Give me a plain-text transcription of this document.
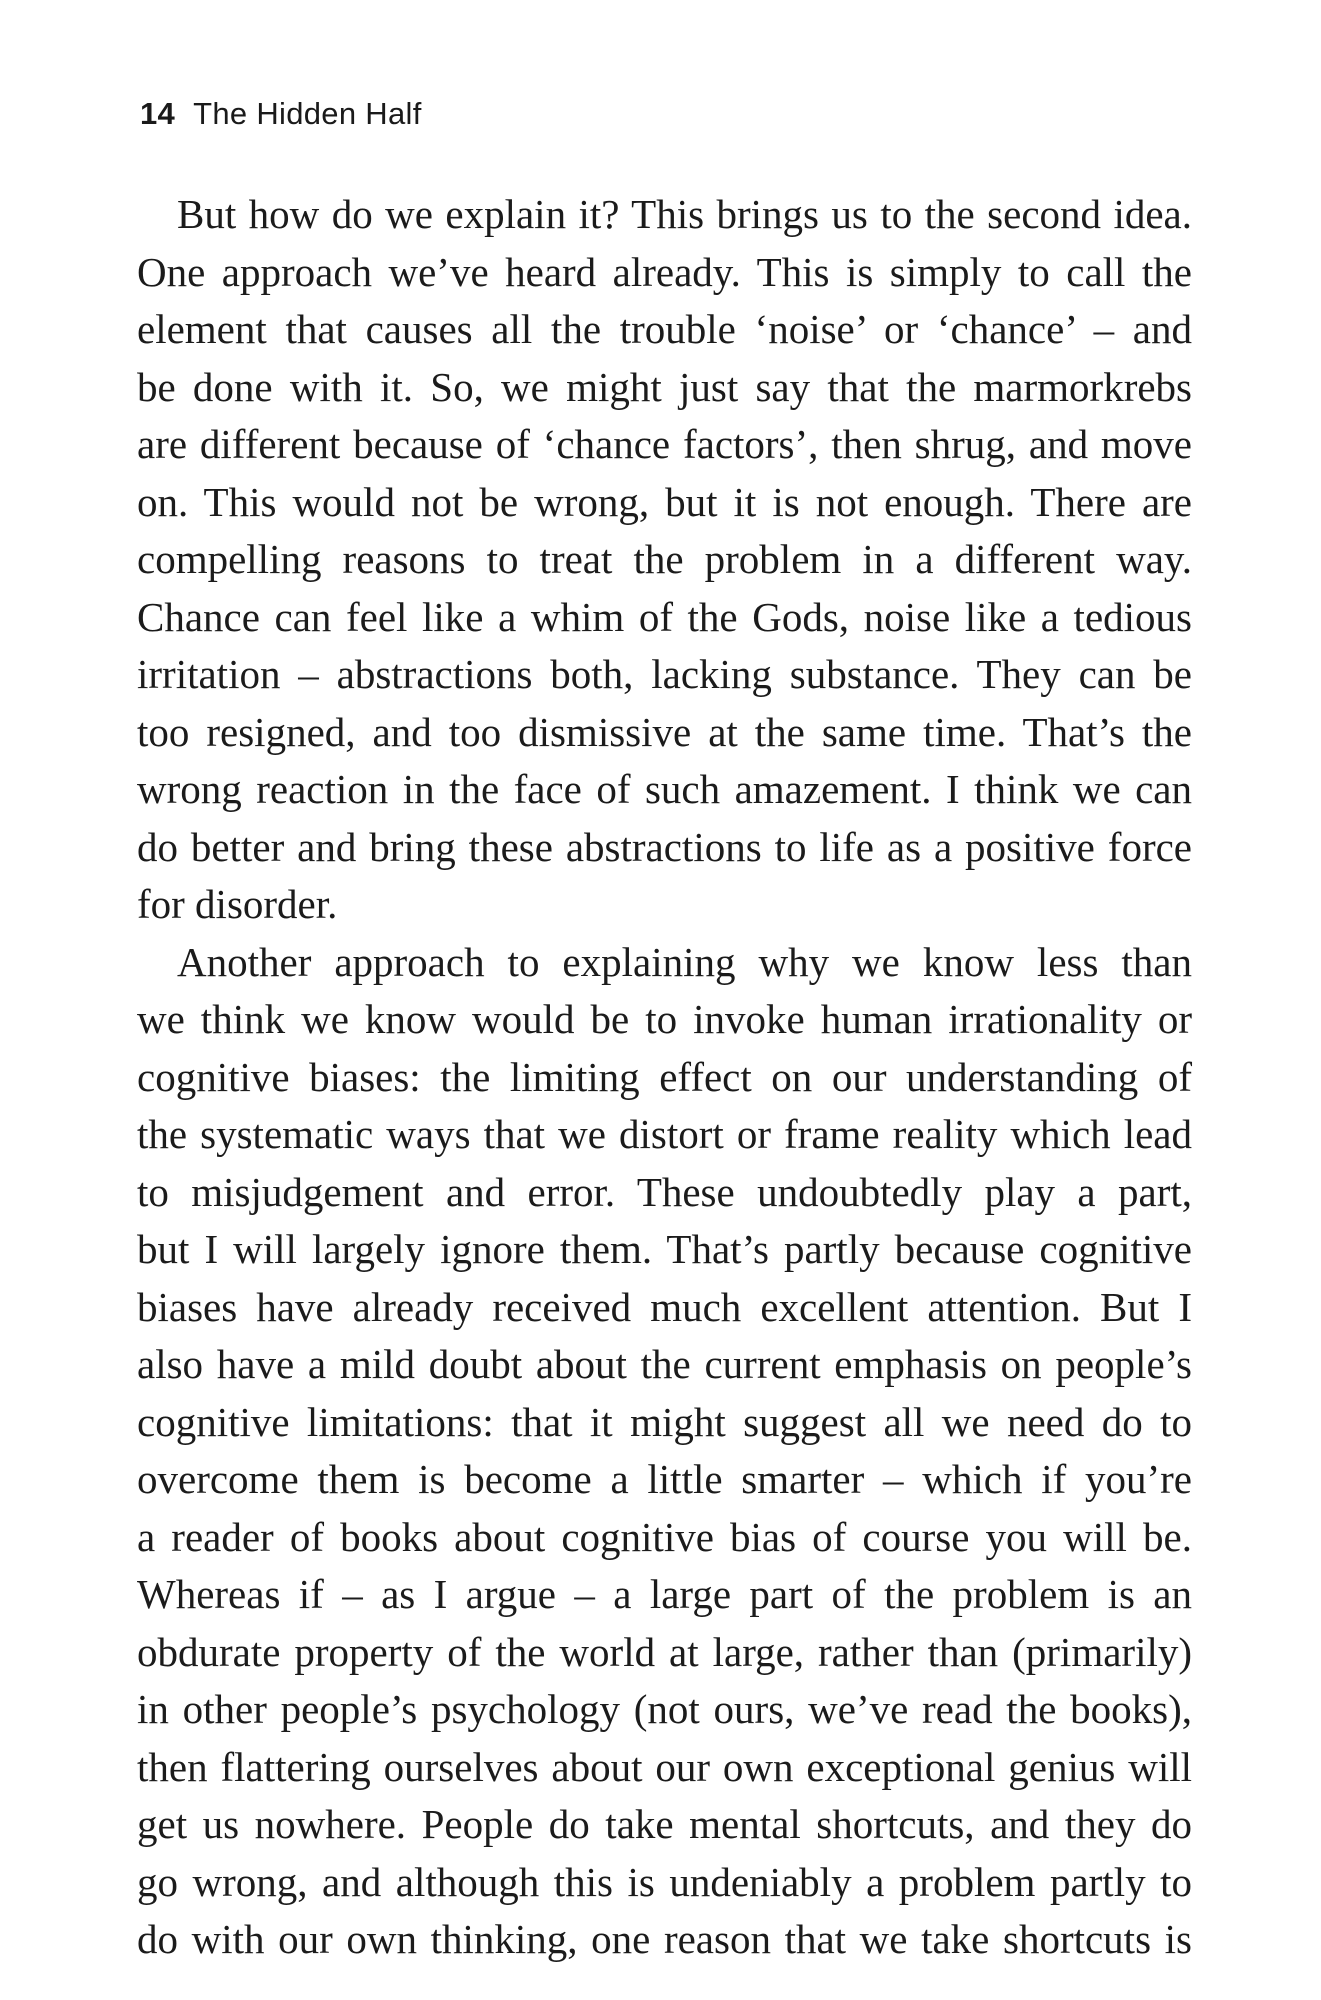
14 The Hidden Half
But how do we explain it? This brings us to the second idea.
One approach we’ve heard already. This is simply to call the
element that causes all the trouble ‘noise’ or ‘chance’ – and
be done with it. So, we might just say that the marmorkrebs
are different because of ‘chance factors’, then shrug, and move
on. This would not be wrong, but it is not enough. There are
compelling reasons to treat the problem in a different way.
Chance can feel like a whim of the Gods, noise like a tedious
irritation – abstractions both, lacking substance. They can be
too resigned, and too dismissive at the same time. That’s the
wrong reaction in the face of such amazement. I think we can
do better and bring these abstractions to life as a positive force
for disorder.
Another approach to explaining why we know less than
we think we know would be to invoke human irrationality or
cognitive biases: the limiting effect on our understanding of
the systematic ways that we distort or frame reality which lead
to misjudgement and error. These undoubtedly play a part,
but I will largely ignore them. That’s partly because cognitive
biases have already received much excellent attention. But I
also have a mild doubt about the current emphasis on people’s
cognitive limitations: that it might suggest all we need do to
overcome them is become a little smarter – which if you’re
a reader of books about cognitive bias of course you will be.
Whereas if – as I argue – a large part of the problem is an
obdurate property of the world at large, rather than (primarily)
in other people’s psychology (not ours, we’ve read the books),
then flattering ourselves about our own exceptional genius will
get us nowhere. People do take mental shortcuts, and they do
go wrong, and although this is undeniably a problem partly to
do with our own thinking, one reason that we take shortcuts is
